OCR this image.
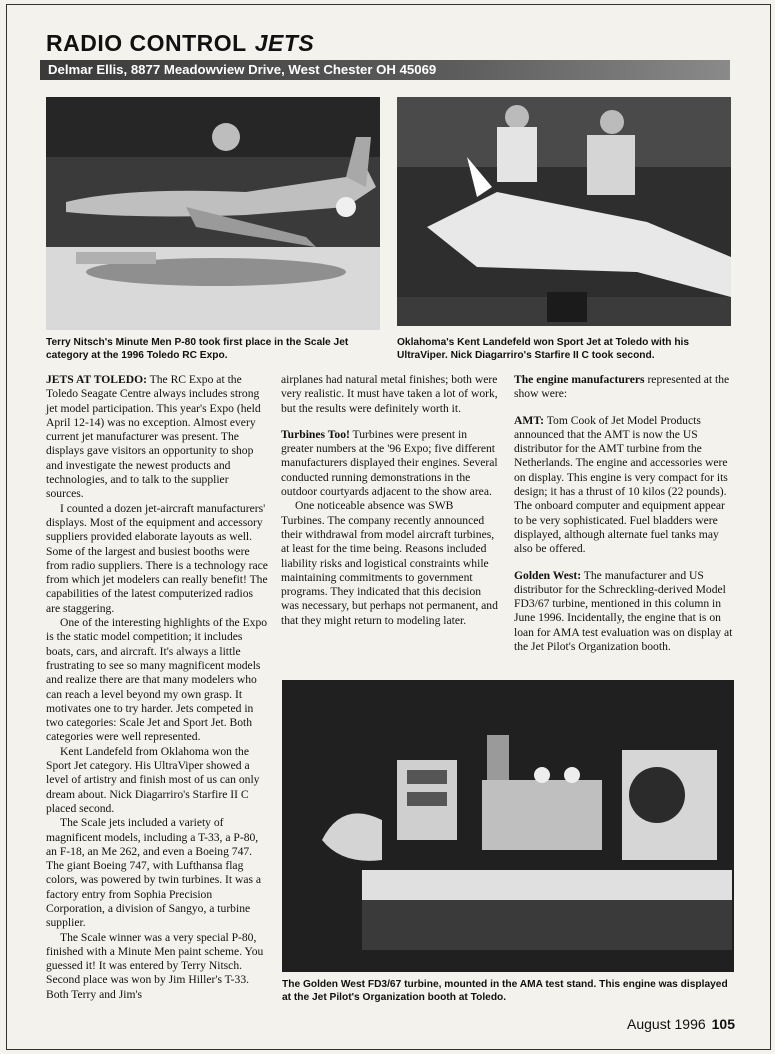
RADIO CONTROL JETS
Delmar Ellis, 8877 Meadowview Drive, West Chester OH 45069
Terry Nitsch's Minute Men P-80 took first place in the Scale Jet category at the 1996 Toledo RC Expo.
Oklahoma's Kent Landefeld won Sport Jet at Toledo with his UltraViper. Nick Diagarriro's Starfire II C took second.

JETS AT TOLEDO: The RC Expo at the Toledo Seagate Centre always includes strong jet model participation. This year's Expo (held April 12-14) was no exception. Almost every current jet manufacturer was present. The displays gave visitors an opportunity to shop and investigate the newest products and technologies, and to talk to the supplier sources.

I counted a dozen jet-aircraft manufacturers' displays. Most of the equipment and accessory suppliers provided elaborate layouts as well. Some of the largest and busiest booths were from radio suppliers. There is a technology race from which jet modelers can really benefit! The capabilities of the latest computerized radios are staggering.

One of the interesting highlights of the Expo is the static model competition; it includes boats, cars, and aircraft. It's always a little frustrating to see so many magnificent models and realize there are that many modelers who can reach a level beyond my own grasp. It motivates one to try harder. Jets competed in two categories: Scale Jet and Sport Jet. Both categories were well represented.

Kent Landefeld from Oklahoma won the Sport Jet category. His UltraViper showed a level of artistry and finish most of us can only dream about. Nick Diagarriro's Starfire II C placed second.

The Scale jets included a variety of magnificent models, including a T-33, a P-80, an F-18, an Me 262, and even a Boeing 747. The giant Boeing 747, with Lufthansa flag colors, was powered by twin turbines. It was a factory entry from Sophia Precision Corporation, a division of Sangyo, a turbine supplier.

The Scale winner was a very special P-80, finished with a Minute Men paint scheme. You guessed it! It was entered by Terry Nitsch. Second place was won by Jim Hiller's T-33. Both Terry and Jim's

airplanes had natural metal finishes; both were very realistic. It must have taken a lot of work, but the results were definitely worth it.

Turbines Too! Turbines were present in greater numbers at the '96 Expo; five different manufacturers displayed their engines. Several conducted running demonstrations in the outdoor courtyards adjacent to the show area.

One noticeable absence was SWB Turbines. The company recently announced their withdrawal from model aircraft turbines, at least for the time being. Reasons included liability risks and logistical constraints while maintaining commitments to government programs. They indicated that this decision was necessary, but perhaps not permanent, and that they might return to modeling later.

The engine manufacturers represented at the show were:

AMT: Tom Cook of Jet Model Products announced that the AMT is now the US distributor for the AMT turbine from the Netherlands. The engine and accessories were on display. This engine is very compact for its design; it has a thrust of 10 kilos (22 pounds). The onboard computer and equipment appear to be very sophisticated. Fuel bladders were displayed, although alternate fuel tanks may also be offered.

Golden West: The manufacturer and US distributor for the Schreckling-derived Model FD3/67 turbine, mentioned in this column in June 1996. Incidentally, the engine that is on loan for AMA test evaluation was on display at the Jet Pilot's Organization booth.

The Golden West FD3/67 turbine, mounted in the AMA test stand. This engine was displayed at the Jet Pilot's Organization booth at Toledo.
August 1996 105
